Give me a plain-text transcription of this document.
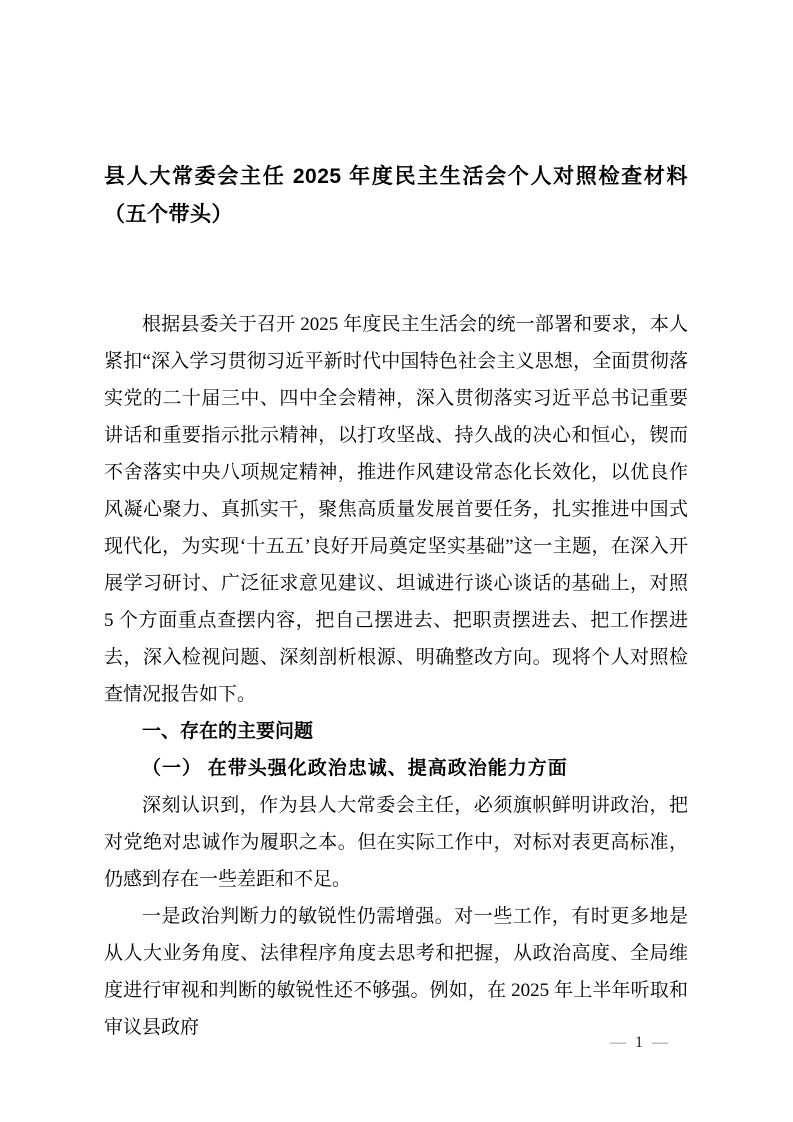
县人大常委会主任 2025 年度民主生活会个人对照检查材料（五个带头）

根据县委关于召开 2025 年度民主生活会的统一部署和要求，本人紧扣“深入学习贯彻习近平新时代中国特色社会主义思想，全面贯彻落实党的二十届三中、四中全会精神，深入贯彻落实习近平总书记重要讲话和重要指示批示精神，以打攻坚战、持久战的决心和恒心，锲而不舍落实中央八项规定精神，推进作风建设常态化长效化，以优良作风凝心聚力、真抓实干，聚焦高质量发展首要任务，扎实推进中国式现代化，为实现‘十五五’良好开局奠定坚实基础”这一主题，在深入开展学习研讨、广泛征求意见建议、坦诚进行谈心谈话的基础上，对照 5 个方面重点查摆内容，把自己摆进去、把职责摆进去、把工作摆进去，深入检视问题、深刻剖析根源、明确整改方向。现将个人对照检查情况报告如下。

一、存在的主要问题
（一） 在带头强化政治忠诚、提高政治能力方面

深刻认识到，作为县人大常委会主任，必须旗帜鲜明讲政治，把对党绝对忠诚作为履职之本。但在实际工作中，对标对表更高标准，仍感到存在一些差距和不足。

一是政治判断力的敏锐性仍需增强。对一些工作，有时更多地是从人大业务角度、法律程序角度去思考和把握，从政治高度、全局维度进行审视和判断的敏锐性还不够强。例如，在 2025 年上半年听取和审议县政府

— 1 —
